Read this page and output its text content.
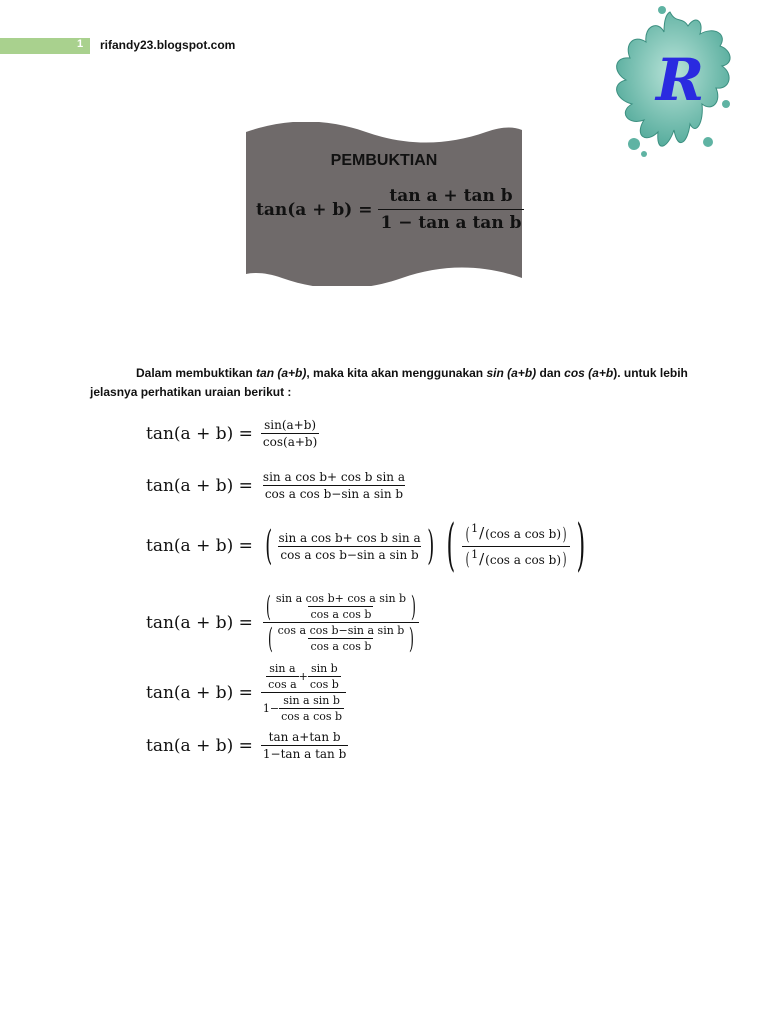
1	rifandy23.blogspot.com
R
PEMBUKTIAN
$\tan(a + b) = \frac{\text{tan a + tan b}}{\text{1 − tan a tan b}}$
Dalam membuktikan tan (a+b), maka kita akan menggunakan sin (a+b) dan cos (a+b). untuk lebih jelasnya perhatikan uraian berikut :
$\tan(a + b) = \frac{\sin(a+b)}{\cos(a+b)}$
$\tan(a + b) = \frac{\text{sin a cos b+ cos b sin a}}{\text{cos a cos b−sin a sin b}}$
tan(a + b) = ( $\frac{\text{sin a cos b+ cos b sin a}}{\text{cos a cos b−sin a sin b}}$ ) ( $\frac{\text{( 1/(cos a cos b))}}{\text{( 1/(cos a cos b))}}$ )
tan(a + b) = ( $\frac{\text{sin a cos b+ cos a sin b}}{\text{cos a cos b}}$ )
( $\frac{\text{cos a cos b−sin a sin b}}{\text{cos a cos b}}$ )
tan(a + b) =
$\frac{\text{sin a}}{\text{cos a}} + \frac{\text{sin b}}{\text{cos b}}$
$1- \frac{\text{sin a sin b}}{\text{cos a cos b}}$
$\tan(a + b) = \frac{\text{tan a+tan b}}{\text{1−tan a tan b}}$
